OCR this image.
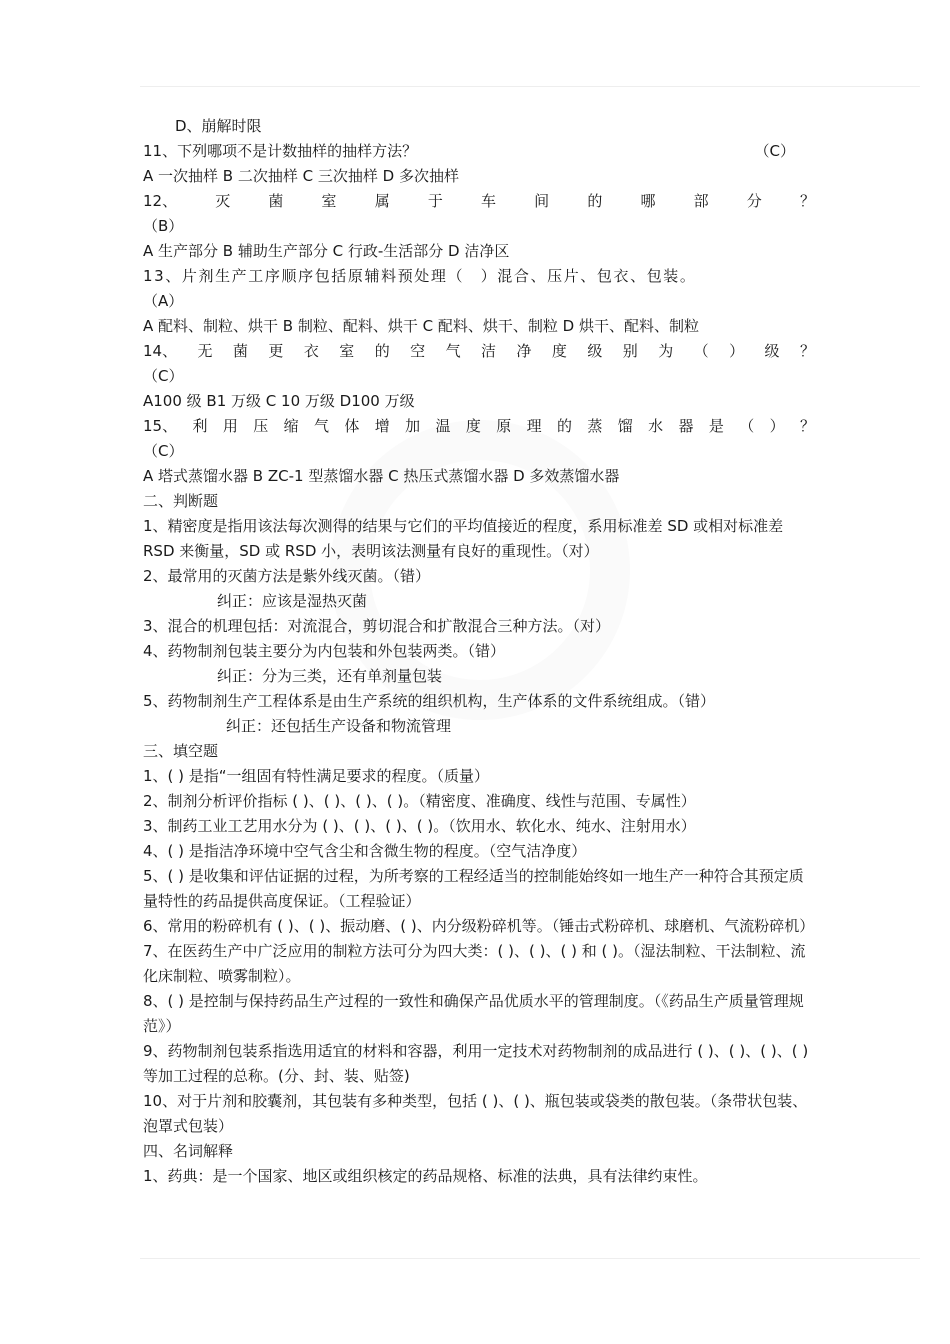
D、崩解时限
11、下列哪项不是计数抽样的抽样方法？	（C）
A 一次抽样 B 二次抽样 C 三次抽样 D 多次抽样
12、	灭	菌	室	属	于	车	间	的	哪	部	分	？
（B）
A 生产部分 B 辅助生产部分 C 行政-生活部分 D 洁净区
13、片剂生产工序顺序包括原辅料预处理（　）混合、压片、包衣、包装。
（A）
A 配料、制粒、烘干 B 制粒、配料、烘干 C 配料、烘干、制粒 D 烘干、配料、制粒
14、 无 菌 更 衣 室 的 空 气 洁 净 度 级 别 为 （ ） 级 ？
（C）
A100 级 B1 万级 C 10 万级 D100 万级
15、 利 用 压 缩 气 体 增 加 温 度 原 理 的 蒸 馏 水 器 是 （ ） ？
（C）
A 塔式蒸馏水器 B ZC-1 型蒸馏水器 C 热压式蒸馏水器 D 多效蒸馏水器
二、判断题
1、精密度是指用该法每次测得的结果与它们的平均值接近的程度，系用标准差 SD 或相对标准差 RSD 来衡量，SD 或 RSD 小，表明该法测量有良好的重现性。（对）
2、最常用的灭菌方法是紫外线灭菌。（错）
纠正：应该是湿热灭菌
3、混合的机理包括：对流混合，剪切混合和扩散混合三种方法。（对）
4、药物制剂包装主要分为内包装和外包装两类。（错）
纠正：分为三类，还有单剂量包装
5、药物制剂生产工程体系是由生产系统的组织机构，生产体系的文件系统组成。（错）
纠正：还包括生产设备和物流管理
三、填空题
1、( ) 是指“一组固有特性满足要求的程度。（质量）
2、制剂分析评价指标 ( )、( )、( )、( )。（精密度、准确度、线性与范围、专属性）
3、制药工业工艺用水分为 ( )、( )、( )、( )。（饮用水、软化水、纯水、注射用水）
4、( ) 是指洁净环境中空气含尘和含微生物的程度。（空气洁净度）
5、( ) 是收集和评估证据的过程，为所考察的工程经适当的控制能始终如一地生产一种符合其预定质量特性的药品提供高度保证。（工程验证）
6、常用的粉碎机有 ( )、( )、振动磨、( )、内分级粉碎机等。（锤击式粉碎机、球磨机、气流粉碎机）
7、在医药生产中广泛应用的制粒方法可分为四大类：( )、( )、( ) 和 ( )。（湿法制粒、干法制粒、流化床制粒、喷雾制粒）。
8、( ) 是控制与保持药品生产过程的一致性和确保产品优质水平的管理制度。（《药品生产质量管理规范》）
9、药物制剂包装系指选用适宜的材料和容器，利用一定技术对药物制剂的成品进行 ( )、( )、( )、( ) 等加工过程的总称。(分、封、装、贴签)
10、对于片剂和胶囊剂，其包装有多种类型，包括 ( )、( )、瓶包装或袋类的散包装。（条带状包装、泡罩式包装）
四、名词解释
1、药典：是一个国家、地区或组织核定的药品规格、标准的法典，具有法律约束性。
